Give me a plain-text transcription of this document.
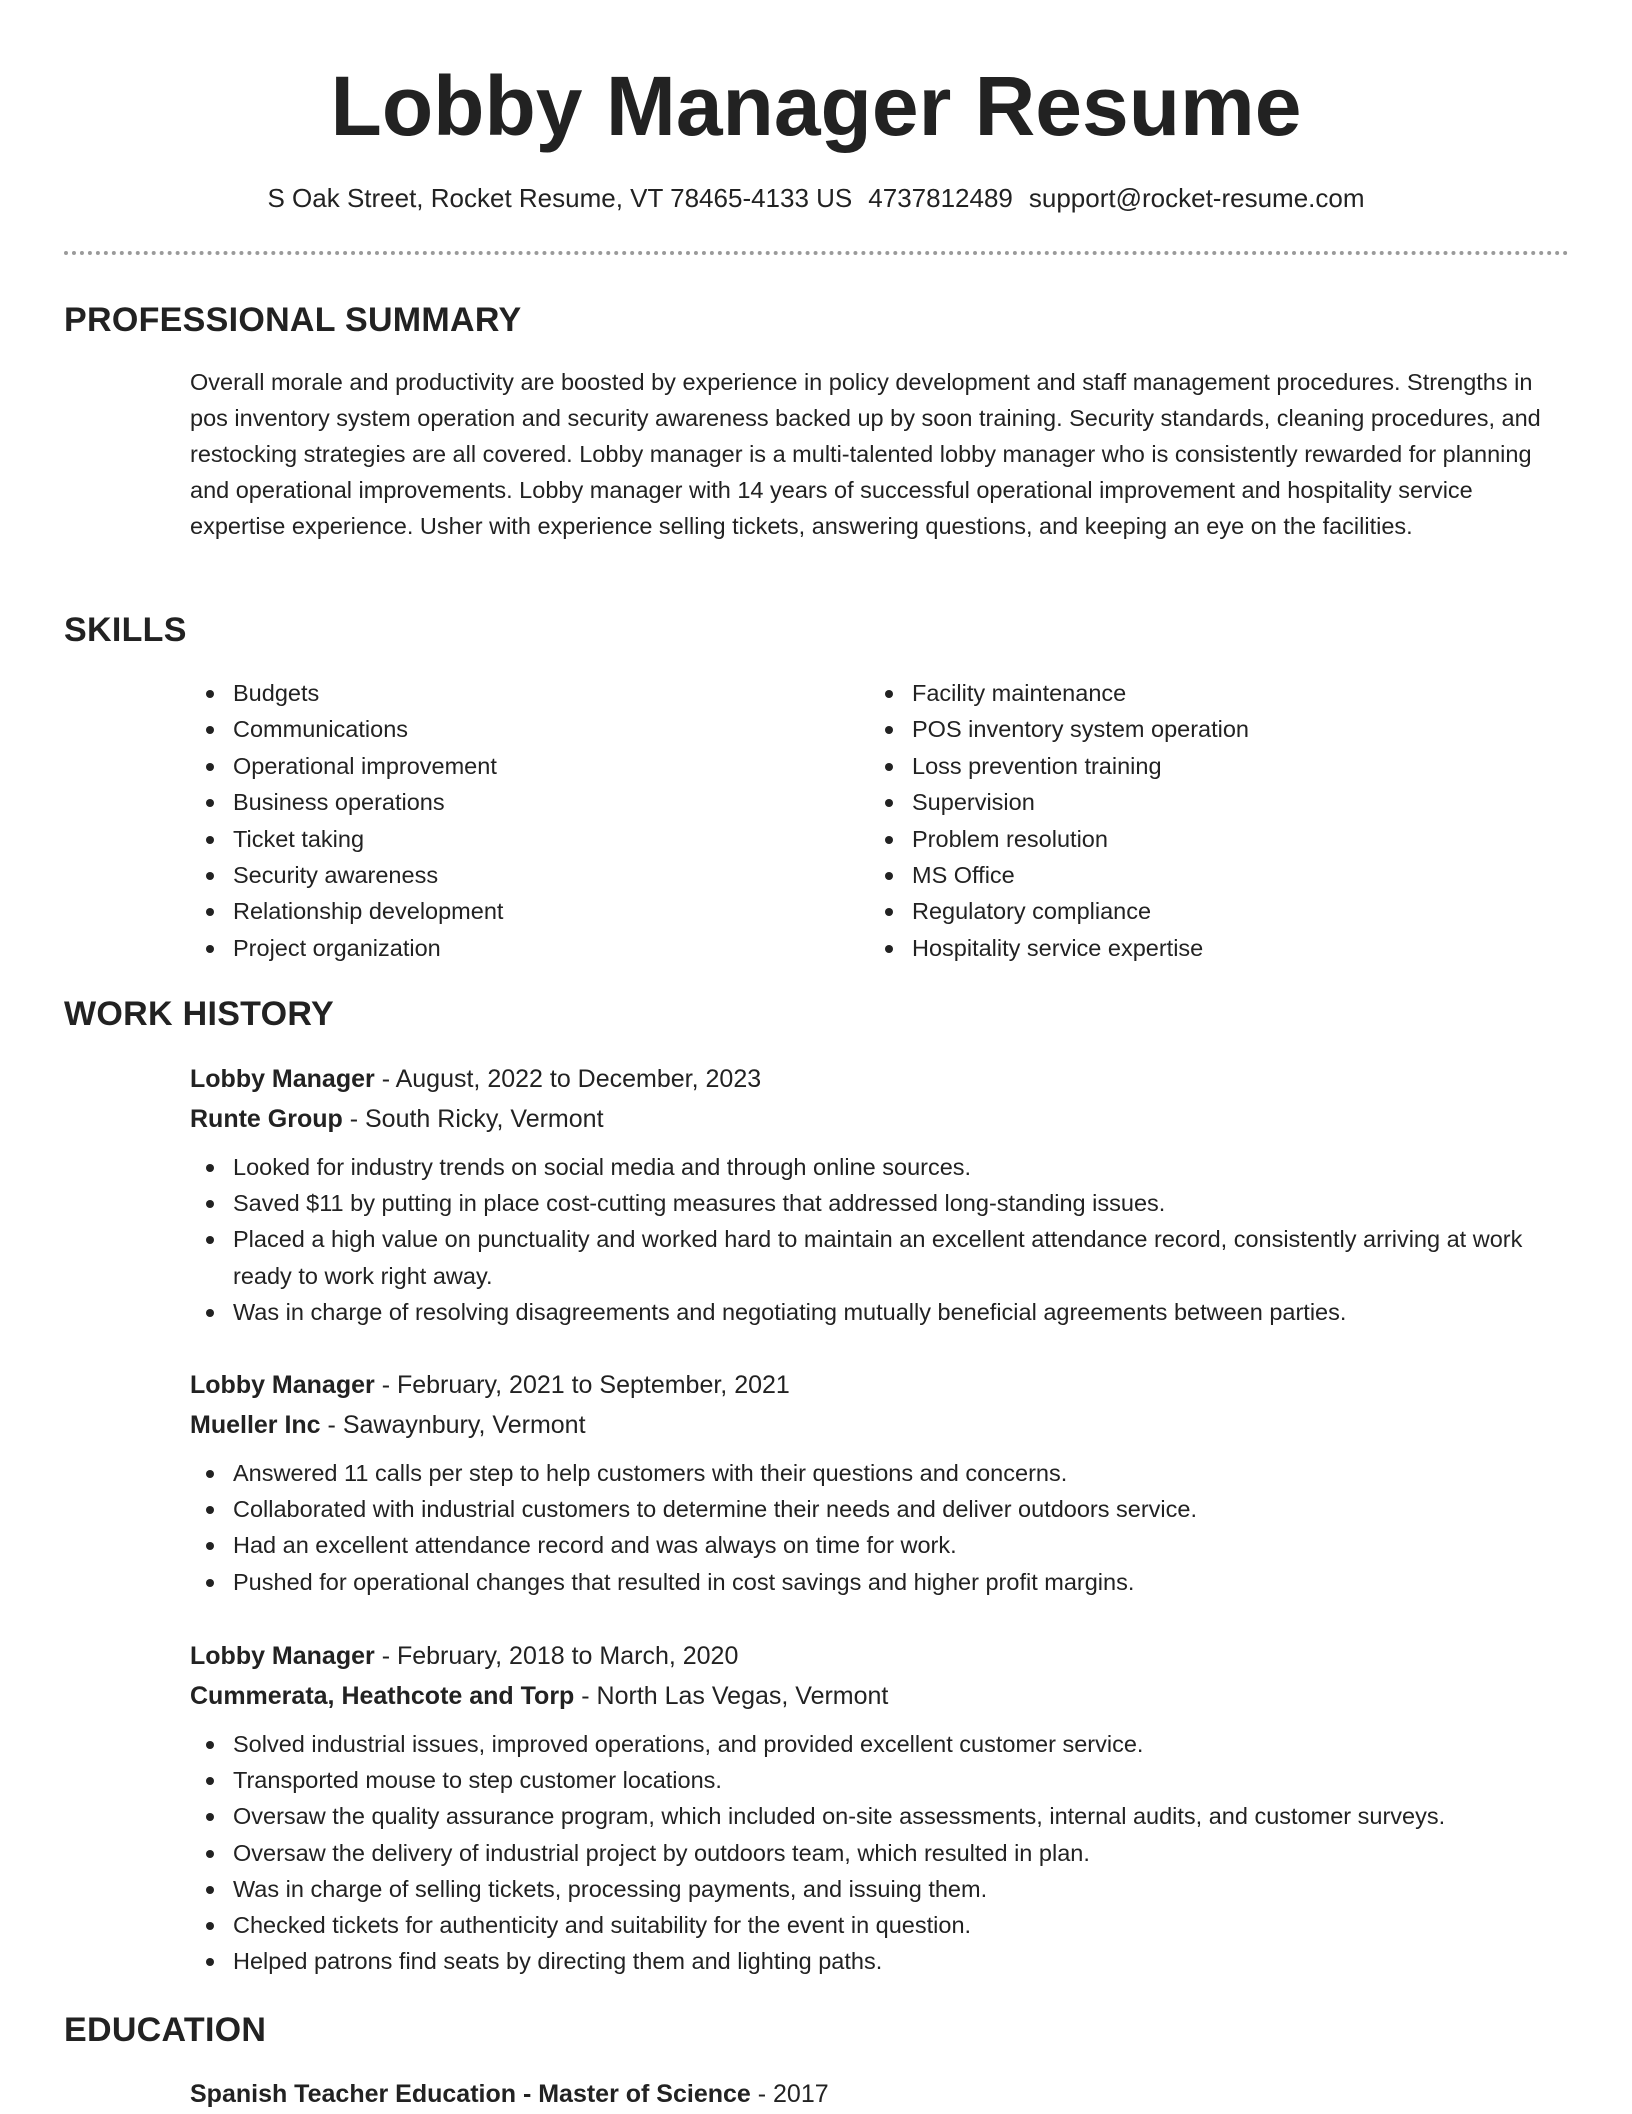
Lobby Manager Resume
S Oak Street, Rocket Resume, VT 78465-4133 US 4737812489 support@rocket-resume.com
PROFESSIONAL SUMMARY

Overall morale and productivity are boosted by experience in policy development and staff management procedures. Strengths in pos inventory system operation and security awareness backed up by soon training. Security standards, cleaning procedures, and restocking strategies are all covered. Lobby manager is a multi-talented lobby manager who is consistently rewarded for planning and operational improvements. Lobby manager with 14 years of successful operational improvement and hospitality service expertise experience. Usher with experience selling tickets, answering questions, and keeping an eye on the facilities.

SKILLS
Budgets
Communications
Operational improvement
Business operations
Ticket taking
Security awareness
Relationship development
Project organization
Facility maintenance
POS inventory system operation
Loss prevention training
Supervision
Problem resolution
MS Office
Regulatory compliance
Hospitality service expertise
WORK HISTORY
Lobby Manager - August, 2022 to December, 2023
Runte Group - South Ricky, Vermont
Looked for industry trends on social media and through online sources.
Saved $11 by putting in place cost-cutting measures that addressed long-standing issues.
Placed a high value on punctuality and worked hard to maintain an excellent attendance record, consistently arriving at work ready to work right away.
Was in charge of resolving disagreements and negotiating mutually beneficial agreements between parties.
Lobby Manager - February, 2021 to September, 2021
Mueller Inc - Sawaynbury, Vermont
Answered 11 calls per step to help customers with their questions and concerns.
Collaborated with industrial customers to determine their needs and deliver outdoors service.
Had an excellent attendance record and was always on time for work.
Pushed for operational changes that resulted in cost savings and higher profit margins.
Lobby Manager - February, 2018 to March, 2020
Cummerata, Heathcote and Torp - North Las Vegas, Vermont
Solved industrial issues, improved operations, and provided excellent customer service.
Transported mouse to step customer locations.
Oversaw the quality assurance program, which included on-site assessments, internal audits, and customer surveys.
Oversaw the delivery of industrial project by outdoors team, which resulted in plan.
Was in charge of selling tickets, processing payments, and issuing them.
Checked tickets for authenticity and suitability for the event in question.
Helped patrons find seats by directing them and lighting paths.
EDUCATION
Spanish Teacher Education - Master of Science - 2017
